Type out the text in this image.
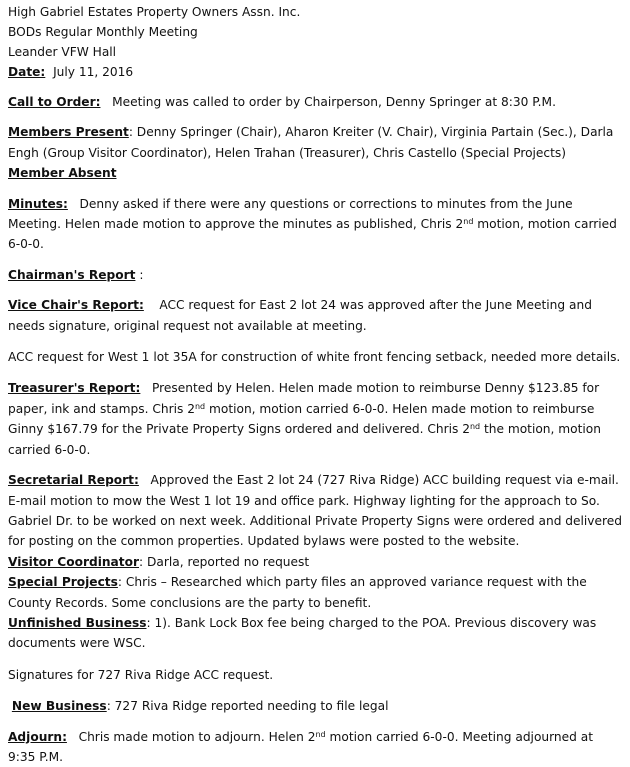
High Gabriel Estates Property Owners Assn. Inc.

BODs Regular Monthly Meeting

Leander VFW Hall

Date: July 11, 2016

Call to Order: Meeting was called to order by Chairperson, Denny Springer at 8:30 P.M.

Members Present: Denny Springer (Chair), Aharon Kreiter (V. Chair), Virginia Partain (Sec.), Darla Engh (Group Visitor Coordinator), Helen Trahan (Treasurer), Chris Castello (Special Projects)

Member Absent

Minutes: Denny asked if there were any questions or corrections to minutes from the June Meeting. Helen made motion to approve the minutes as published, Chris 2nd motion, motion carried 6-0-0.

Chairman's Report :

Vice Chair's Report: ACC request for East 2 lot 24 was approved after the June Meeting and needs signature, original request not available at meeting.

ACC request for West 1 lot 35A for construction of white front fencing setback, needed more details.

Treasurer's Report: Presented by Helen. Helen made motion to reimburse Denny $123.85 for paper, ink and stamps. Chris 2nd motion, motion carried 6-0-0. Helen made motion to reimburse Ginny $167.79 for the Private Property Signs ordered and delivered. Chris 2nd the motion, motion carried 6-0-0.

Secretarial Report: Approved the East 2 lot 24 (727 Riva Ridge) ACC building request via e-mail. E-mail motion to mow the West 1 lot 19 and office park. Highway lighting for the approach to So. Gabriel Dr. to be worked on next week. Additional Private Property Signs were ordered and delivered for posting on the common properties. Updated bylaws were posted to the website.

Visitor Coordinator: Darla, reported no request

Special Projects: Chris – Researched which party files an approved variance request with the County Records. Some conclusions are the party to benefit.

Unfinished Business: 1). Bank Lock Box fee being charged to the POA. Previous discovery was documents were WSC.

Signatures for 727 Riva Ridge ACC request.

New Business: 727 Riva Ridge reported needing to file legal

Adjourn: Chris made motion to adjourn. Helen 2nd motion carried 6-0-0. Meeting adjourned at 9:35 P.M.
